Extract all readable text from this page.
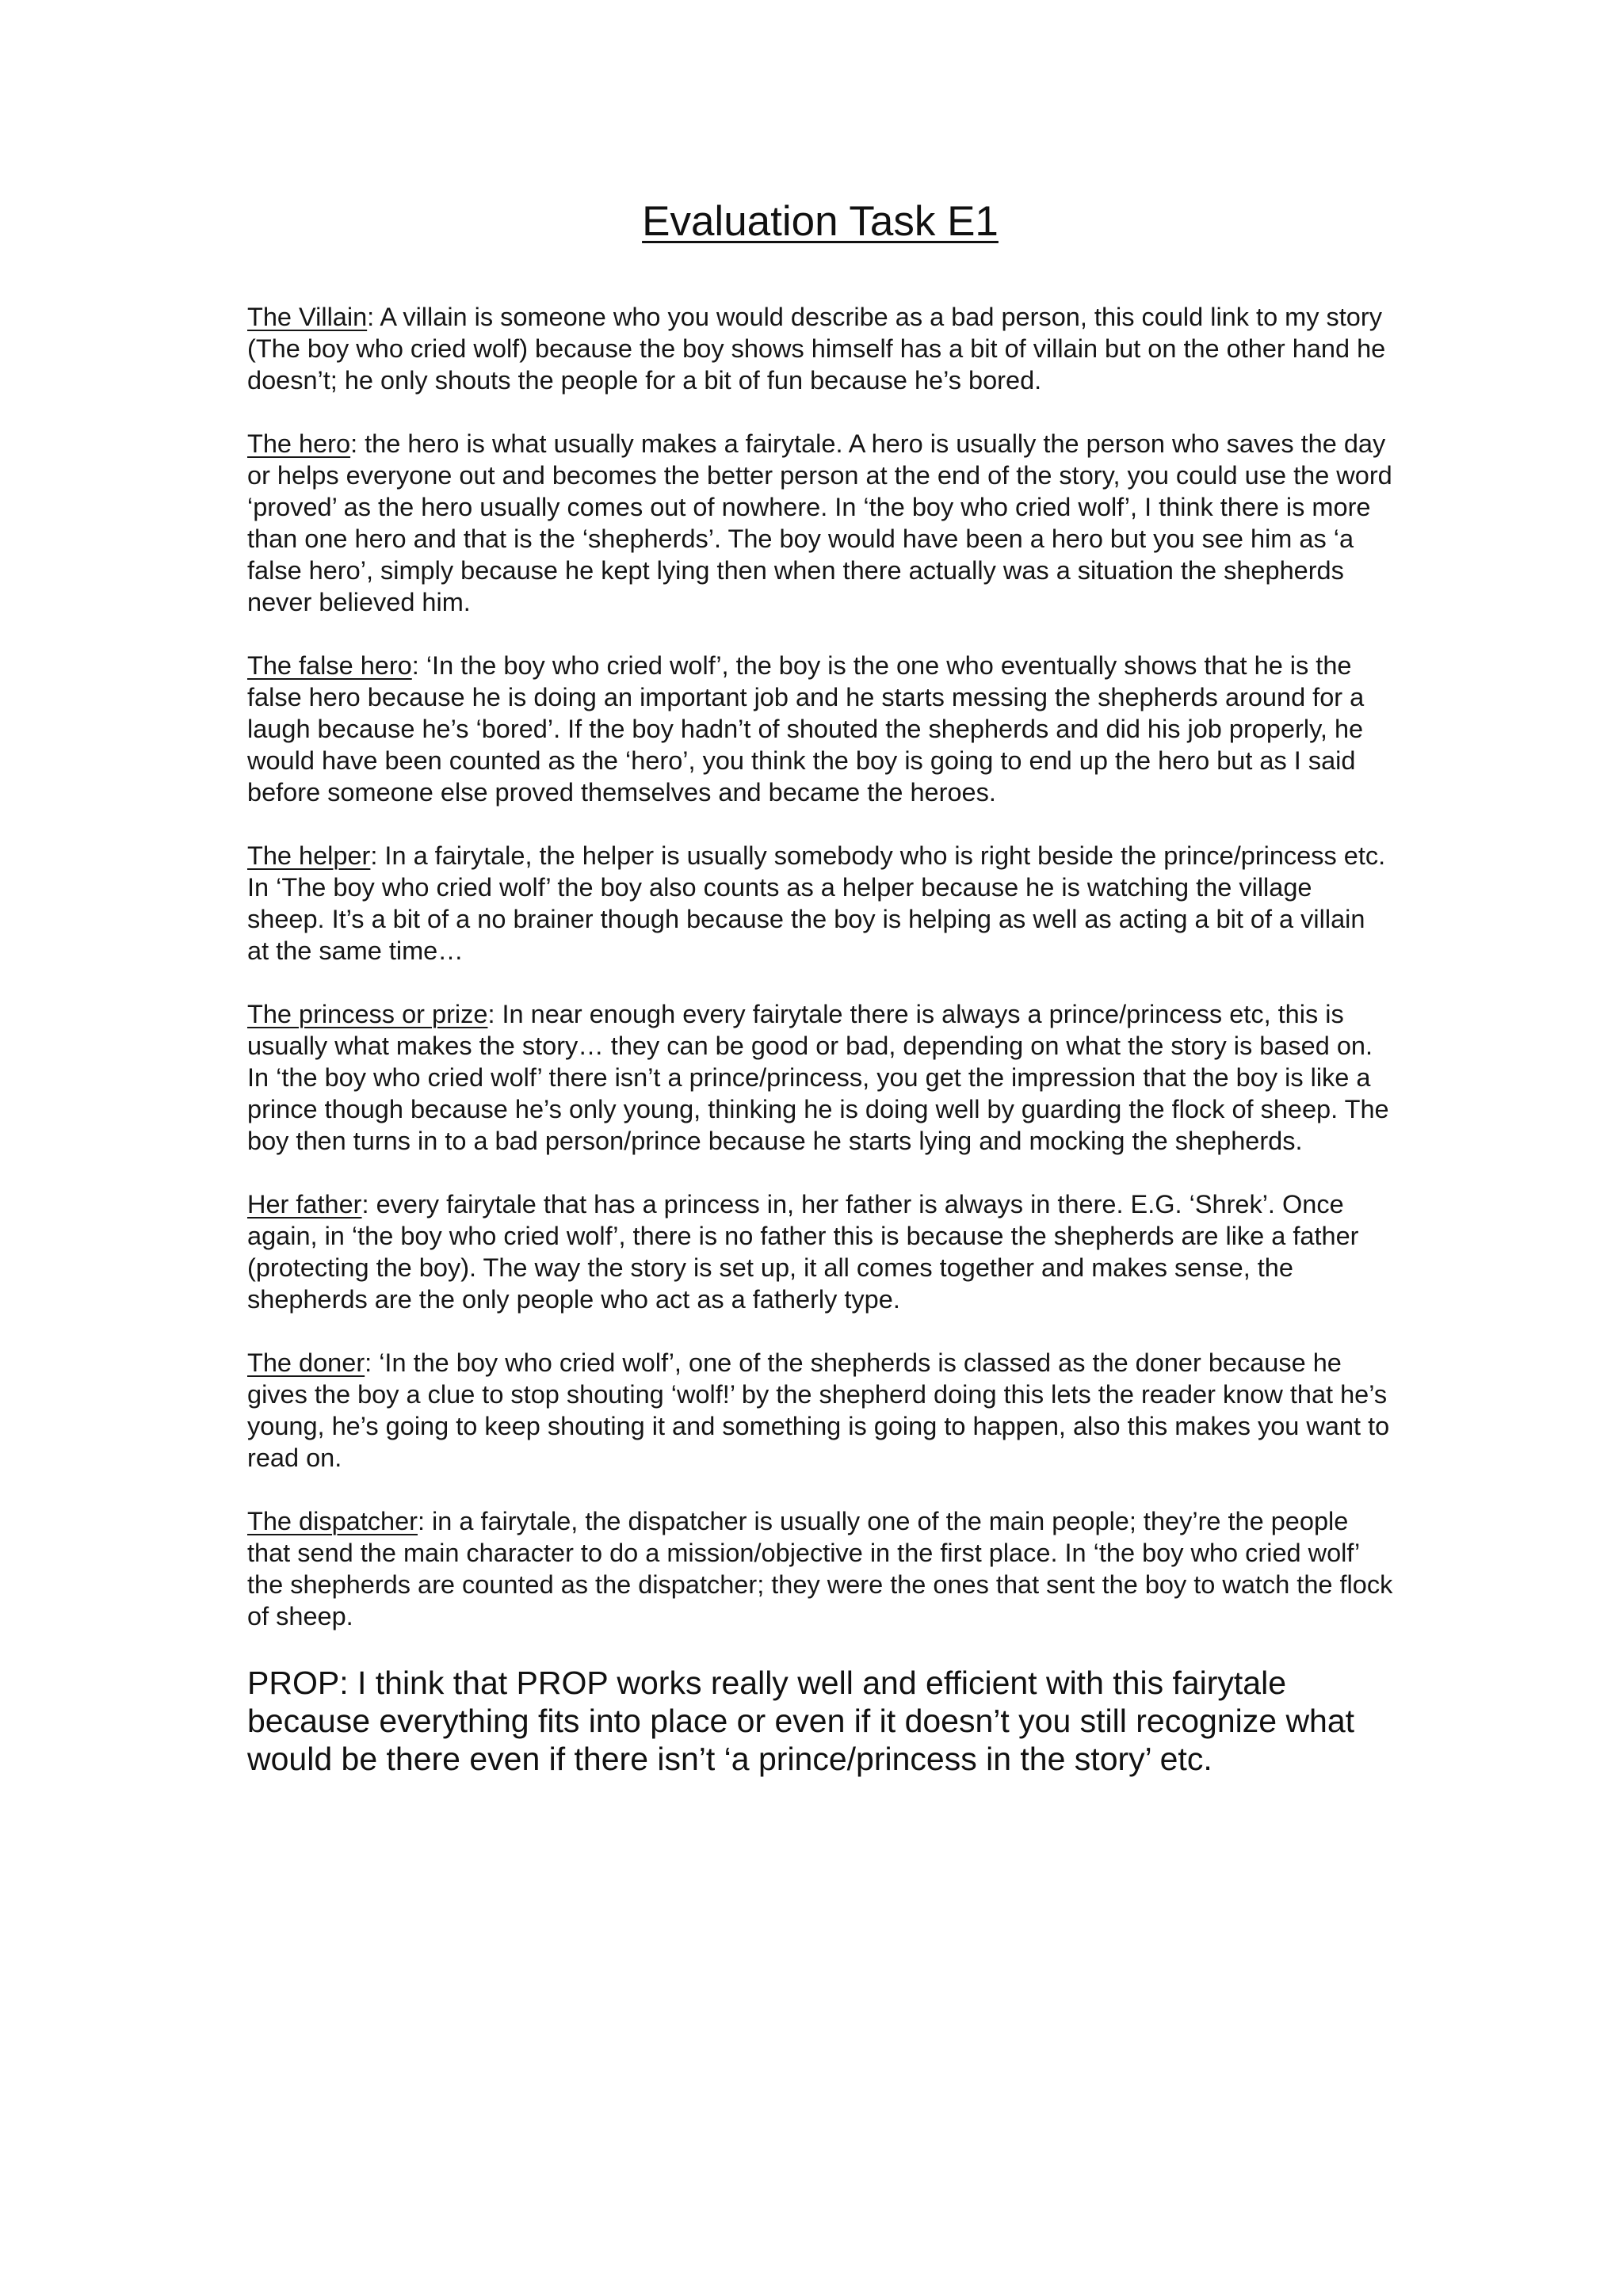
Evaluation Task E1

The Villain: A villain is someone who you would describe as a bad person, this could link to my story (The boy who cried wolf) because the boy shows himself has a bit of villain but on the other hand he doesn’t; he only shouts the people for a bit of fun because he’s bored.

The hero: the hero is what usually makes a fairytale. A hero is usually the person who saves the day or helps everyone out and becomes the better person at the end of the story, you could use the word ‘proved’ as the hero usually comes out of nowhere. In ‘the boy who cried wolf’, I think there is more than one hero and that is the ‘shepherds’. The boy would have been a hero but you see him as ‘a false hero’, simply because he kept lying then when there actually was a situation the shepherds never believed him.

The false hero: ‘In the boy who cried wolf’, the boy is the one who eventually shows that he is the false hero because he is doing an important job and he starts messing the shepherds around for a laugh because he’s ‘bored’. If the boy hadn’t of shouted the shepherds and did his job properly, he would have been counted as the ‘hero’, you think the boy is going to end up the hero but as I said before someone else proved themselves and became the heroes.

The helper: In a fairytale, the helper is usually somebody who is right beside the prince/princess etc. In ‘The boy who cried wolf’ the boy also counts as a helper because he is watching the village sheep. It’s a bit of a no brainer though because the boy is helping as well as acting a bit of a villain at the same time…

The princess or prize: In near enough every fairytale there is always a prince/princess etc, this is usually what makes the story… they can be good or bad, depending on what the story is based on. In ‘the boy who cried wolf’ there isn’t a prince/princess, you get the impression that the boy is like a prince though because he’s only young, thinking he is doing well by guarding the flock of sheep. The boy then turns in to a bad person/prince because he starts lying and mocking the shepherds.

Her father: every fairytale that has a princess in, her father is always in there. E.G. ‘Shrek’. Once again, in ‘the boy who cried wolf’, there is no father this is because the shepherds are like a father (protecting the boy). The way the story is set up, it all comes together and makes sense, the shepherds are the only people who act as a fatherly type.

The doner: ‘In the boy who cried wolf’, one of the shepherds is classed as the doner because he gives the boy a clue to stop shouting ‘wolf!’ by the shepherd doing this lets the reader know that he’s young, he’s going to keep shouting it and something is going to happen, also this makes you want to read on.

The dispatcher: in a fairytale, the dispatcher is usually one of the main people; they’re the people that send the main character to do a mission/objective in the first place. In ‘the boy who cried wolf’ the shepherds are counted as the dispatcher; they were the ones that sent the boy to watch the flock of sheep.

PROP: I think that PROP works really well and efficient with this fairytale because everything fits into place or even if it doesn’t you still recognize what would be there even if there isn’t ‘a prince/princess in the story’ etc.
